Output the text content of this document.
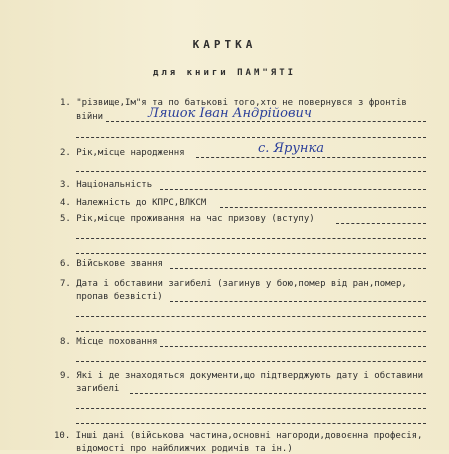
КАРТКА
для книги ПАМ"ЯТІ
1. "різвище,Ім"я та по батькові того,хто не повернувся з фронтів
війни	Ляшок Іван Андрійович
2. Рік,місце народження	с. Ярунка
3. Національність
4. Належність до КПРС,ВЛКСМ
5. Рік,місце проживання на час призову (вступу)
6. Військове звання
7. Дата і обставини загибелі (загинув у бою,помер від ран,помер,
пропав безвісті)
8. Місце поховання
9. Які і де знаходяться документи,що підтверджують дату і обставини
загибелі
10. Інші дані (військова частина,основні нагороди,довоєнна професія,
відомості про найближчих родичів та ін.)
